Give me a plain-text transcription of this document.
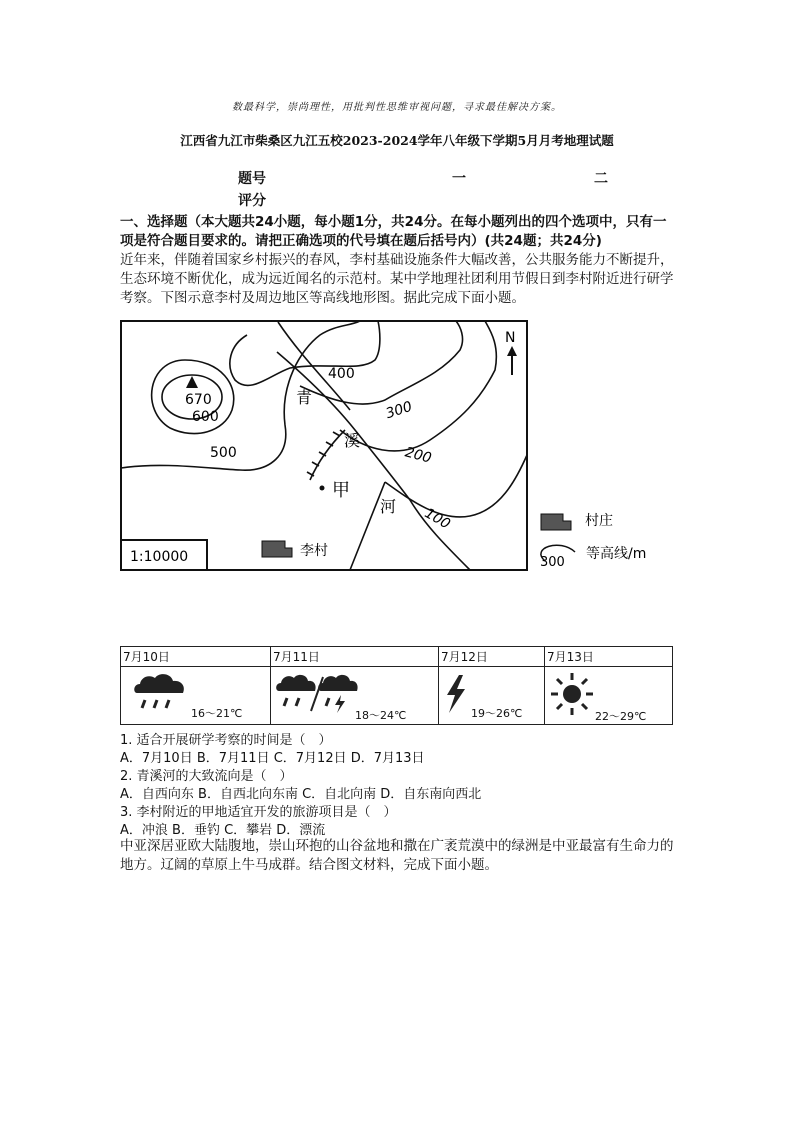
数最科学，崇尚理性，用批判性思维审视问题，寻求最佳解决方案。
江西省九江市柴桑区九江五校2023-2024学年八年级下学期5月月考地理试题
题号
评分
一	二
一、选择题（本大题共24小题，每小题1分，共24分。在每小题列出的四个选项中，只有一项是符合题目要求的。请把正确选项的代号填在题后括号内）(共24题；共24分)
近年来，伴随着国家乡村振兴的春风，李村基础设施条件大幅改善，公共服务能力不断提升，生态环境不断优化，成为远近闻名的示范村。某中学地理社团利用节假日到李村附近进行研学考察。下图示意李村及周边地区等高线地形图。据此完成下面小题。
670
600
500
400
300
200
100
青
溪
河
甲
N
1:10000	李村
村庄
300
等高线/m
7月10日
16～21℃
7月11日
18～24℃
7月12日
19～26℃
7月13日
22～29℃
1. 适合开展研学考察的时间是（　）
A．7月10日 B．7月11日 C．7月12日 D．7月13日
2. 青溪河的大致流向是（　）
A．自西向东 B．自西北向东南 C．自北向南 D．自东南向西北
3. 李村附近的甲地适宜开发的旅游项目是（　）
A．冲浪 B．垂钓 C．攀岩 D．漂流
中亚深居亚欧大陆腹地，崇山环抱的山谷盆地和撒在广袤荒漠中的绿洲是中亚最富有生命力的地方。辽阔的草原上牛马成群。结合图文材料，完成下面小题。
